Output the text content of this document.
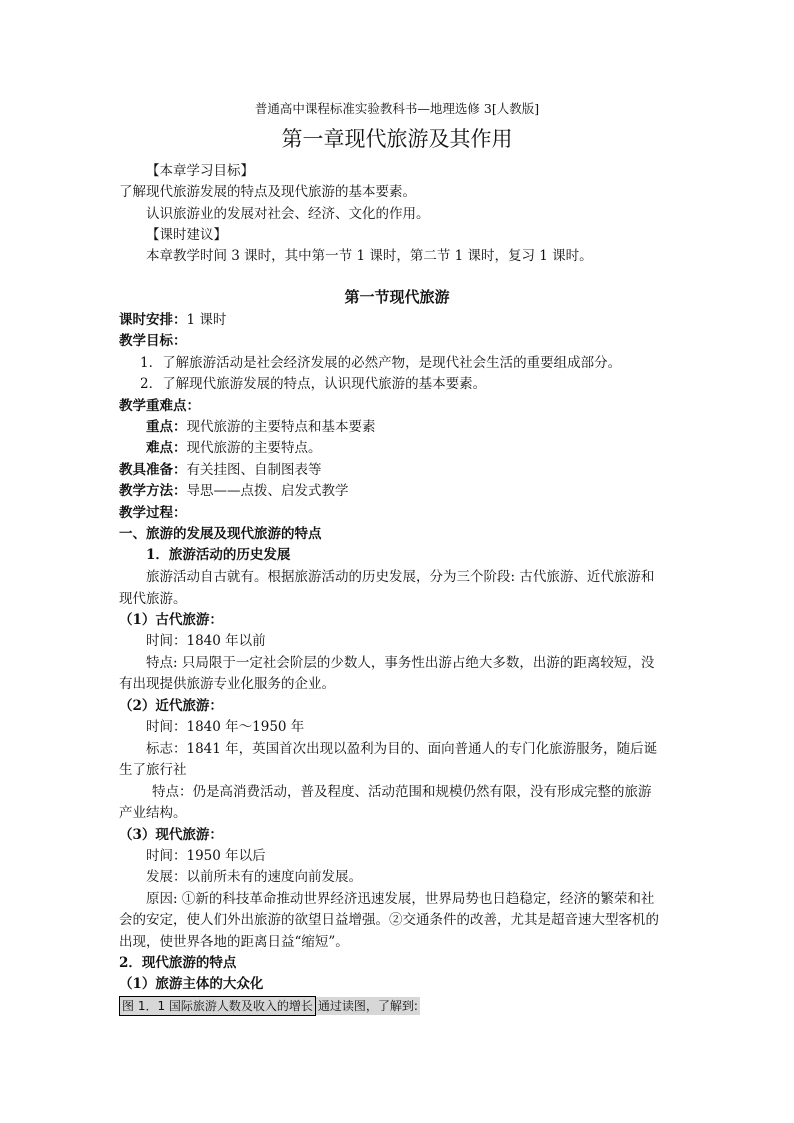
普通高中课程标准实验教科书—地理选修 3[人教版]
第一章现代旅游及其作用
【本章学习目标】
了解现代旅游发展的特点及现代旅游的基本要素。
认识旅游业的发展对社会、经济、文化的作用。
【课时建议】
本章教学时间 3 课时，其中第一节 1 课时，第二节 1 课时，复习 1 课时。
第一节现代旅游
课时安排：1 课时
教学目标：
1．了解旅游活动是社会经济发展的必然产物，是现代社会生活的重要组成部分。
2．了解现代旅游发展的特点，认识现代旅游的基本要素。
教学重难点：
重点：现代旅游的主要特点和基本要素
难点：现代旅游的主要特点。
教具准备：有关挂图、自制图表等
教学方法：导思——点拨、启发式教学
教学过程：
一、旅游的发展及现代旅游的特点
1．旅游活动的历史发展
旅游活动自古就有。根据旅游活动的历史发展，分为三个阶段: 古代旅游、近代旅游和
现代旅游。
（1）古代旅游：
时间：1840 年以前
特点: 只局限于一定社会阶层的少数人，事务性出游占绝大多数，出游的距离较短，没
有出现提供旅游专业化服务的企业。
（2）近代旅游：
时间：1840 年～1950 年
标志：1841 年，英国首次出现以盈利为目的、面向普通人的专门化旅游服务，随后诞
生了旅行社
特点：仍是高消费活动，普及程度、活动范围和规模仍然有限，没有形成完整的旅游
产业结构。
（3）现代旅游：
时间：1950 年以后
发展：以前所未有的速度向前发展。
原因: ①新的科技革命推动世界经济迅速发展，世界局势也日趋稳定，经济的繁荣和社
会的安定，使人们外出旅游的欲望日益增强。②交通条件的改善，尤其是超音速大型客机的
出现，使世界各地的距离日益“缩短”。
2．现代旅游的特点
（1）旅游主体的大众化
图 1．1 国际旅游人数及收入的增长 通过读图，了解到:
